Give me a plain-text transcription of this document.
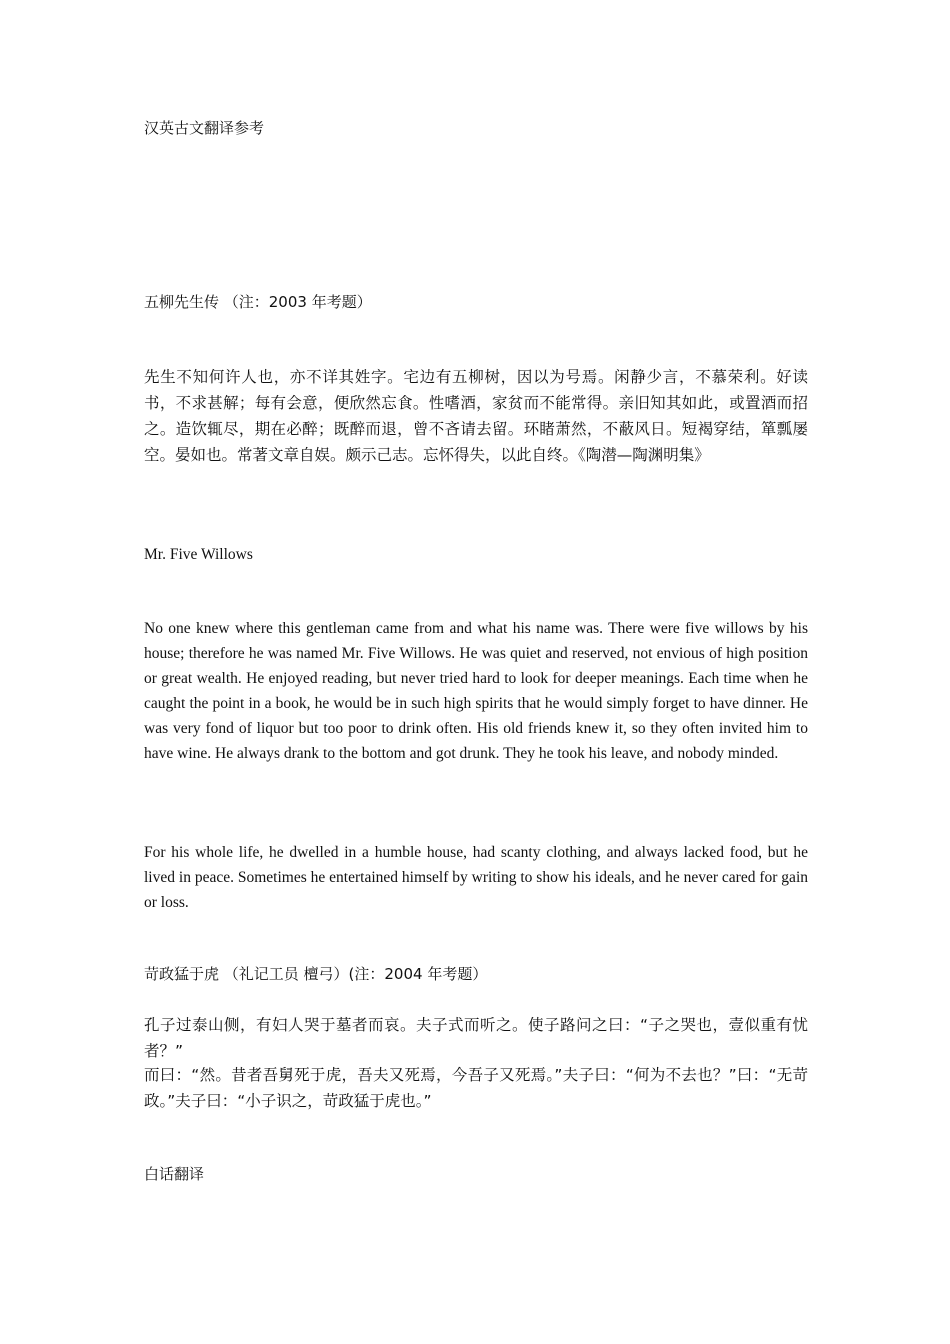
汉英古文翻译参考
五柳先生传 （注：2003 年考题）
先生不知何许人也，亦不详其姓字。宅边有五柳树，因以为号焉。闲静少言，不慕荣利。好读书，不求甚解；每有会意，便欣然忘食。性嗜酒，家贫而不能常得。亲旧知其如此，或置酒而招之。造饮辄尽，期在必醉；既醉而退，曾不吝请去留。环睹萧然，不蔽风日。短褐穿结，箪瓢屡空。晏如也。常著文章自娱。颇示己志。忘怀得失，以此自终。《陶潜—陶渊明集》
Mr. Five Willows
No one knew where this gentleman came from and what his name was. There were five willows by his house; therefore he was named Mr. Five Willows. He was quiet and reserved, not envious of high position or great wealth. He enjoyed reading, but never tried hard to look for deeper meanings. Each time when he caught the point in a book, he would be in such high spirits that he would simply forget to have dinner. He was very fond of liquor but too poor to drink often. His old friends knew it, so they often invited him to have wine. He always drank to the bottom and got drunk. They he took his leave, and nobody minded.
For his whole life, he dwelled in a humble house, had scanty clothing, and always lacked food, but he lived in peace. Sometimes he entertained himself by writing to show his ideals, and he never cared for gain or loss.
苛政猛于虎 （礼记工员 檀弓）(注：2004 年考题）
孔子过泰山侧，有妇人哭于墓者而哀。夫子式而听之。使子路问之曰：“子之哭也，壹似重有忧者？”
而曰：“然。昔者吾舅死于虎，吾夫又死焉，今吾子又死焉。”夫子曰：“何为不去也？”曰：“无苛政。”夫子曰：“小子识之，苛政猛于虎也。”
白话翻译
